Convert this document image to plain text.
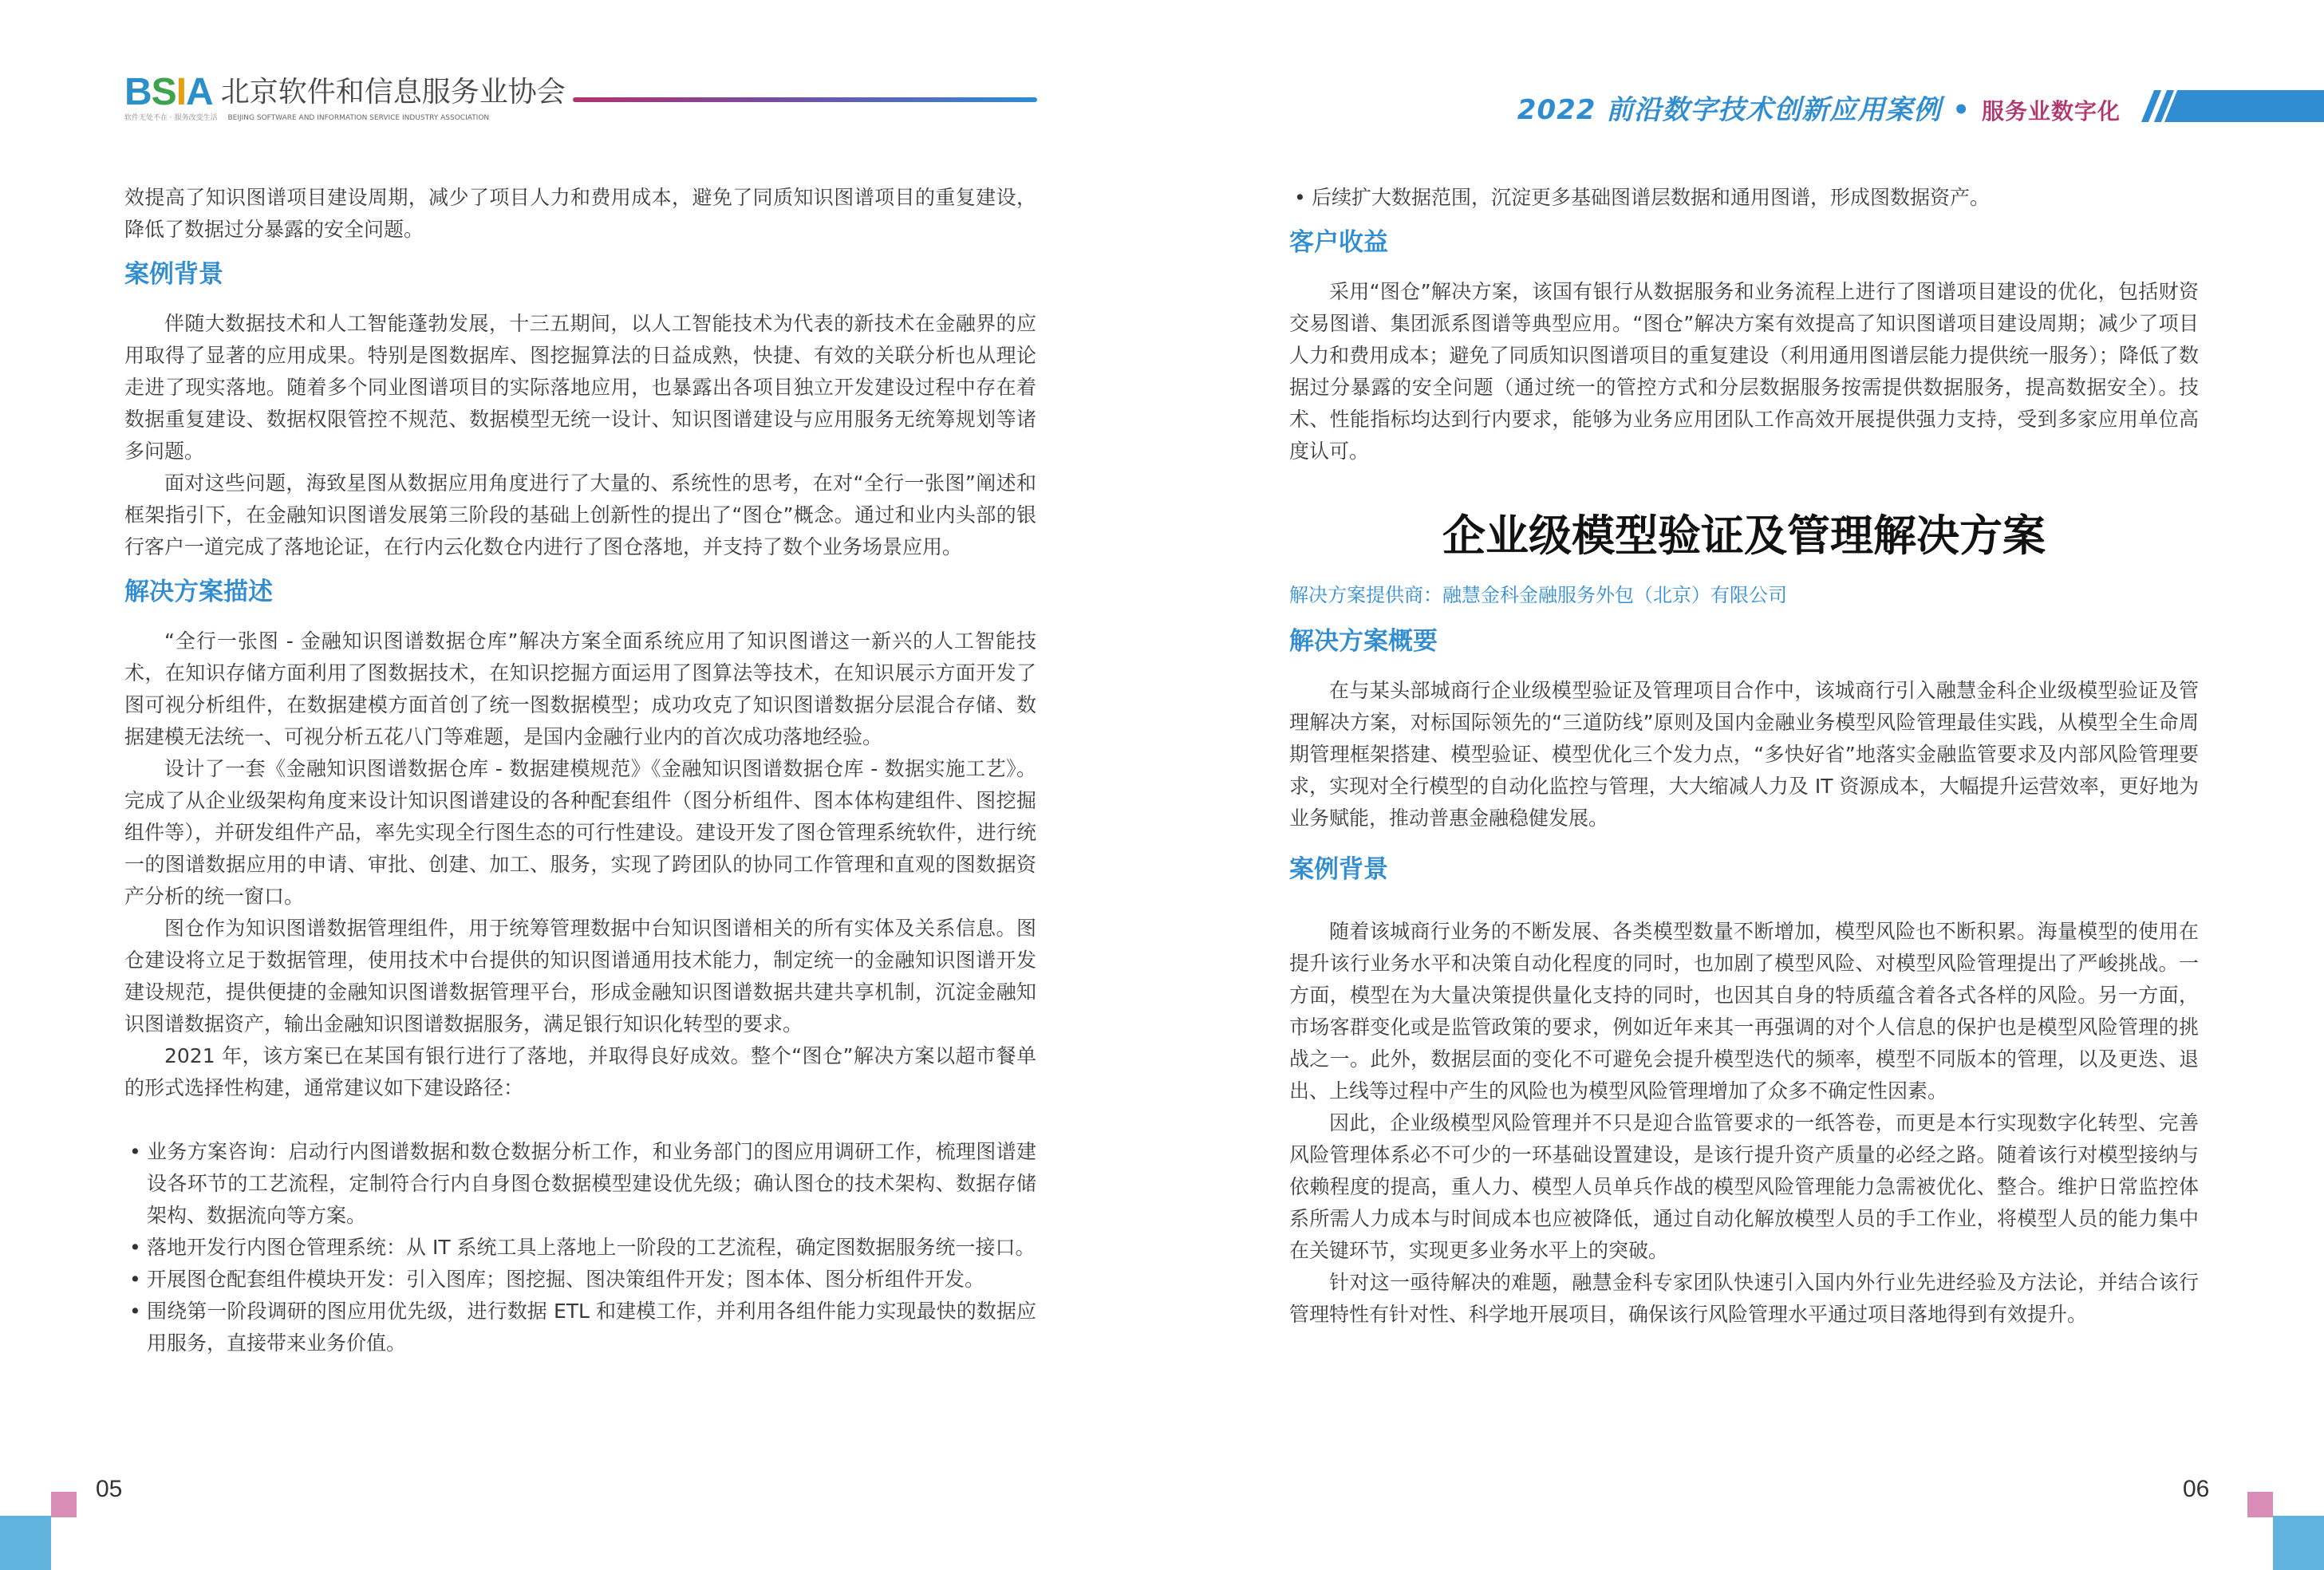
BSIA 北京软件和信息服务业协会
软件无处不在 · 服务改变生活 BEIJING SOFTWARE AND INFORMATION SERVICE INDUSTRY ASSOCIATION

效提高了知识图谱项目建设周期，减少了项目人力和费用成本，避免了同质知识图谱项目的重复建设，降低了数据过分暴露的安全问题。

案例背景

伴随大数据技术和人工智能蓬勃发展，十三五期间，以人工智能技术为代表的新技术在金融界的应用取得了显著的应用成果。特别是图数据库、图挖掘算法的日益成熟，快捷、有效的关联分析也从理论走进了现实落地。随着多个同业图谱项目的实际落地应用，也暴露出各项目独立开发建设过程中存在着数据重复建设、数据权限管控不规范、数据模型无统一设计、知识图谱建设与应用服务无统筹规划等诸多问题。

面对这些问题，海致星图从数据应用角度进行了大量的、系统性的思考，在对“全行一张图”阐述和框架指引下，在金融知识图谱发展第三阶段的基础上创新性的提出了“图仓”概念。通过和业内头部的银行客户一道完成了落地论证，在行内云化数仓内进行了图仓落地，并支持了数个业务场景应用。

解决方案描述

“全行一张图 - 金融知识图谱数据仓库”解决方案全面系统应用了知识图谱这一新兴的人工智能技术，在知识存储方面利用了图数据技术，在知识挖掘方面运用了图算法等技术，在知识展示方面开发了图可视分析组件，在数据建模方面首创了统一图数据模型；成功攻克了知识图谱数据分层混合存储、数据建模无法统一、可视分析五花八门等难题，是国内金融行业内的首次成功落地经验。

设计了一套《金融知识图谱数据仓库 - 数据建模规范》《金融知识图谱数据仓库 - 数据实施工艺》。完成了从企业级架构角度来设计知识图谱建设的各种配套组件（图分析组件、图本体构建组件、图挖掘组件等），并研发组件产品，率先实现全行图生态的可行性建设。建设开发了图仓管理系统软件，进行统一的图谱数据应用的申请、审批、创建、加工、服务，实现了跨团队的协同工作管理和直观的图数据资产分析的统一窗口。

图仓作为知识图谱数据管理组件，用于统筹管理数据中台知识图谱相关的所有实体及关系信息。图仓建设将立足于数据管理，使用技术中台提供的知识图谱通用技术能力，制定统一的金融知识图谱开发建设规范，提供便捷的金融知识图谱数据管理平台，形成金融知识图谱数据共建共享机制，沉淀金融知识图谱数据资产，输出金融知识图谱数据服务，满足银行知识化转型的要求。

2021 年，该方案已在某国有银行进行了落地，并取得良好成效。整个“图仓”解决方案以超市餐单的形式选择性构建，通常建议如下建设路径：

• 业务方案咨询：启动行内图谱数据和数仓数据分析工作，和业务部门的图应用调研工作，梳理图谱建设各环节的工艺流程，定制符合行内自身图仓数据模型建设优先级；确认图仓的技术架构、数据存储架构、数据流向等方案。
• 落地开发行内图仓管理系统：从 IT 系统工具上落地上一阶段的工艺流程，确定图数据服务统一接口。
• 开展图仓配套组件模块开发：引入图库；图挖掘、图决策组件开发；图本体、图分析组件开发。
• 围绕第一阶段调研的图应用优先级，进行数据 ETL 和建模工作，并利用各组件能力实现最快的数据应用服务，直接带来业务价值。
05
2022 前沿数字技术创新应用案例 • 服务业数字化
• 后续扩大数据范围，沉淀更多基础图谱层数据和通用图谱，形成图数据资产。
客户收益

采用“图仓”解决方案，该国有银行从数据服务和业务流程上进行了图谱项目建设的优化，包括财资交易图谱、集团派系图谱等典型应用。“图仓”解决方案有效提高了知识图谱项目建设周期；减少了项目人力和费用成本；避免了同质知识图谱项目的重复建设（利用通用图谱层能力提供统一服务）；降低了数据过分暴露的安全问题（通过统一的管控方式和分层数据服务按需提供数据服务，提高数据安全）。技术、性能指标均达到行内要求，能够为业务应用团队工作高效开展提供强力支持，受到多家应用单位高度认可。

企业级模型验证及管理解决方案
解决方案提供商：融慧金科金融服务外包（北京）有限公司
解决方案概要

在与某头部城商行企业级模型验证及管理项目合作中，该城商行引入融慧金科企业级模型验证及管理解决方案，对标国际领先的“三道防线”原则及国内金融业务模型风险管理最佳实践，从模型全生命周期管理框架搭建、模型验证、模型优化三个发力点，“多快好省”地落实金融监管要求及内部风险管理要求，实现对全行模型的自动化监控与管理，大大缩减人力及 IT 资源成本，大幅提升运营效率，更好地为业务赋能，推动普惠金融稳健发展。

案例背景

随着该城商行业务的不断发展、各类模型数量不断增加，模型风险也不断积累。海量模型的使用在提升该行业务水平和决策自动化程度的同时，也加剧了模型风险、对模型风险管理提出了严峻挑战。一方面，模型在为大量决策提供量化支持的同时，也因其自身的特质蕴含着各式各样的风险。另一方面，市场客群变化或是监管政策的要求，例如近年来其一再强调的对个人信息的保护也是模型风险管理的挑战之一。此外，数据层面的变化不可避免会提升模型迭代的频率，模型不同版本的管理，以及更迭、退出、上线等过程中产生的风险也为模型风险管理增加了众多不确定性因素。

因此，企业级模型风险管理并不只是迎合监管要求的一纸答卷，而更是本行实现数字化转型、完善风险管理体系必不可少的一环基础设置建设，是该行提升资产质量的必经之路。随着该行对模型接纳与依赖程度的提高，重人力、模型人员单兵作战的模型风险管理能力急需被优化、整合。维护日常监控体系所需人力成本与时间成本也应被降低，通过自动化解放模型人员的手工作业，将模型人员的能力集中在关键环节，实现更多业务水平上的突破。

针对这一亟待解决的难题，融慧金科专家团队快速引入国内外行业先进经验及方法论，并结合该行管理特性有针对性、科学地开展项目，确保该行风险管理水平通过项目落地得到有效提升。

06
